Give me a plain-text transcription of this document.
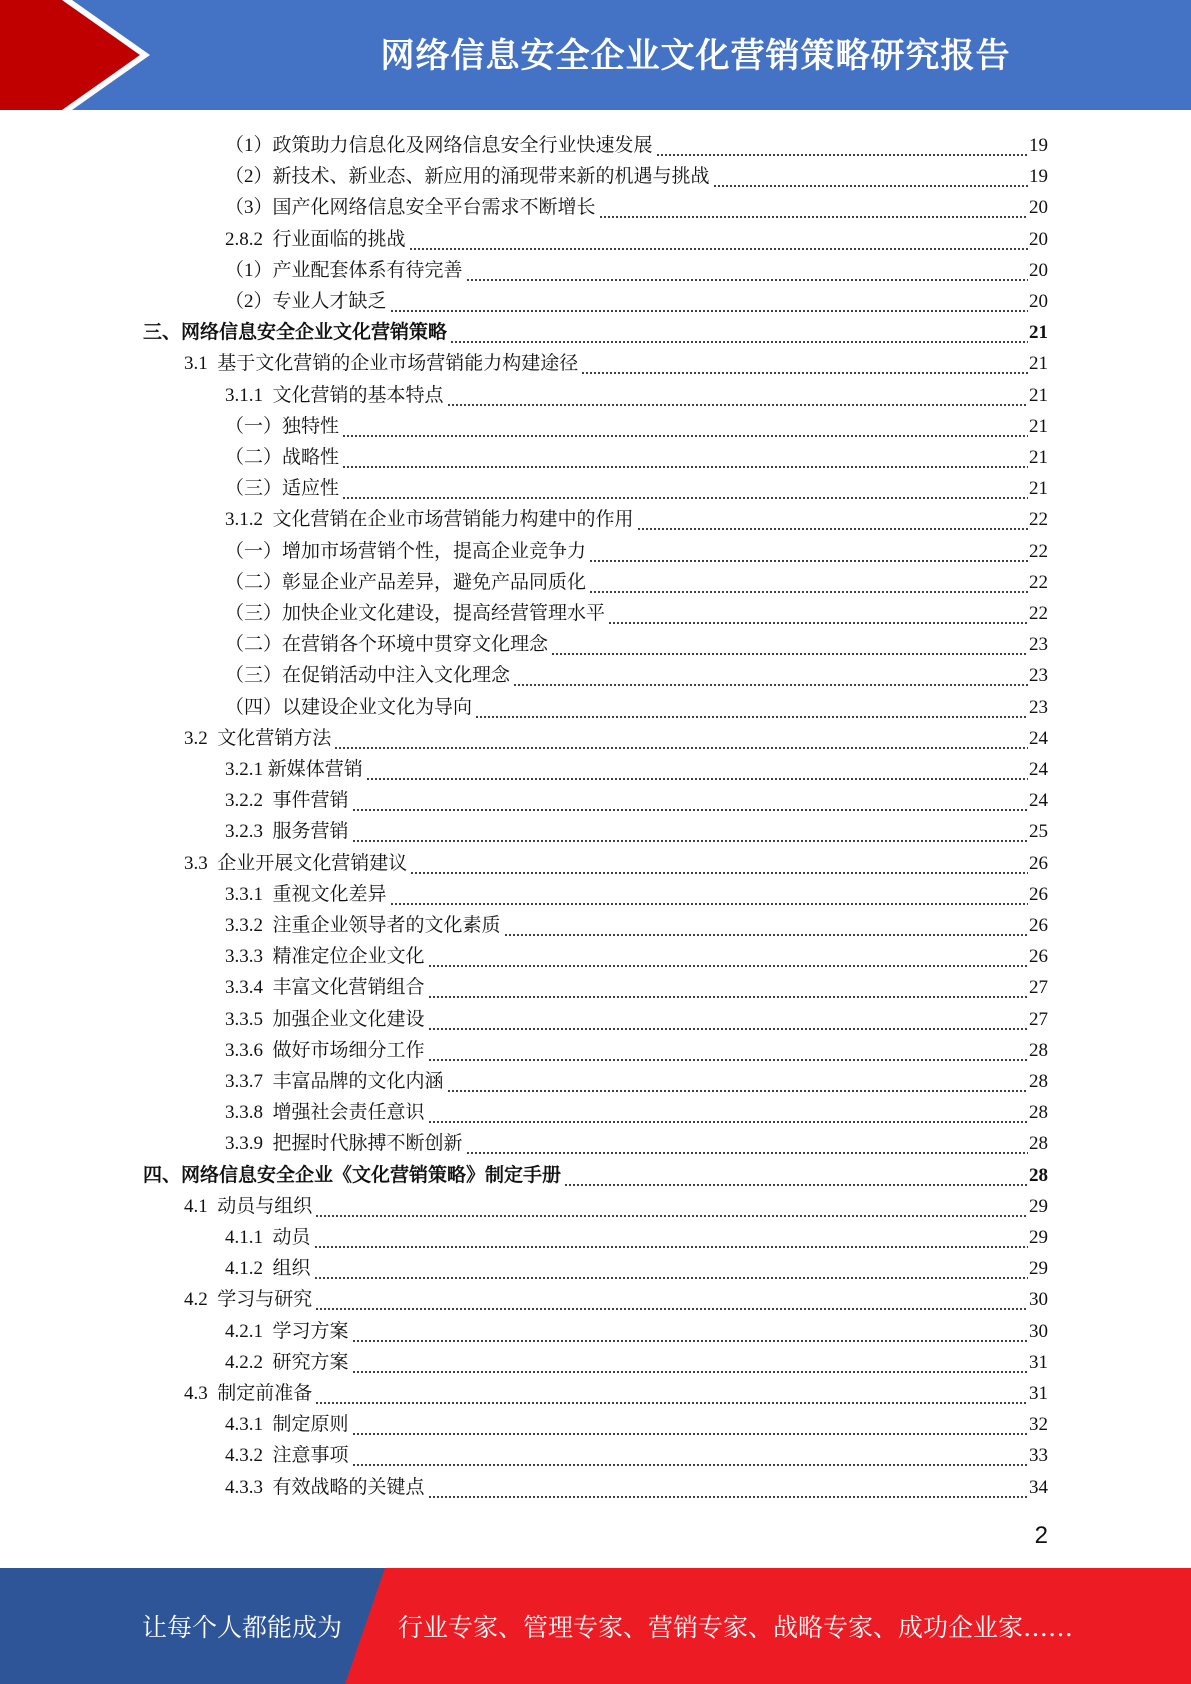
网络信息安全企业文化营销策略研究报告
（1）政策助力信息化及网络信息安全行业快速发展	19
（2）新技术、新业态、新应用的涌现带来新的机遇与挑战	19
（3）国产化网络信息安全平台需求不断增长	20
2.8.2  行业面临的挑战	20
（1）产业配套体系有待完善	20
（2）专业人才缺乏	20
三、网络信息安全企业文化营销策略	21
3.1  基于文化营销的企业市场营销能力构建途径	21
3.1.1  文化营销的基本特点	21
（一）独特性	21
（二）战略性	21
（三）适应性	21
3.1.2  文化营销在企业市场营销能力构建中的作用	22
（一）增加市场营销个性，提高企业竞争力	22
（二）彰显企业产品差异，避免产品同质化	22
（三）加快企业文化建设，提高经营管理水平	22
（二）在营销各个环境中贯穿文化理念	23
（三）在促销活动中注入文化理念	23
（四）以建设企业文化为导向	23
3.2  文化营销方法	24
3.2.1 新媒体营销	24
3.2.2  事件营销	24
3.2.3  服务营销	25
3.3  企业开展文化营销建议	26
3.3.1  重视文化差异	26
3.3.2  注重企业领导者的文化素质	26
3.3.3  精准定位企业文化	26
3.3.4  丰富文化营销组合	27
3.3.5  加强企业文化建设	27
3.3.6  做好市场细分工作	28
3.3.7  丰富品牌的文化内涵	28
3.3.8  增强社会责任意识	28
3.3.9  把握时代脉搏不断创新	28
四、网络信息安全企业《文化营销策略》制定手册	28
4.1  动员与组织	29
4.1.1  动员	29
4.1.2  组织	29
4.2  学习与研究	30
4.2.1  学习方案	30
4.2.2  研究方案	31
4.3  制定前准备	31
4.3.1  制定原则	32
4.3.2  注意事项	33
4.3.3  有效战略的关键点	34
2
让每个人都能成为 行业专家、管理专家、营销专家、战略专家、成功企业家……
